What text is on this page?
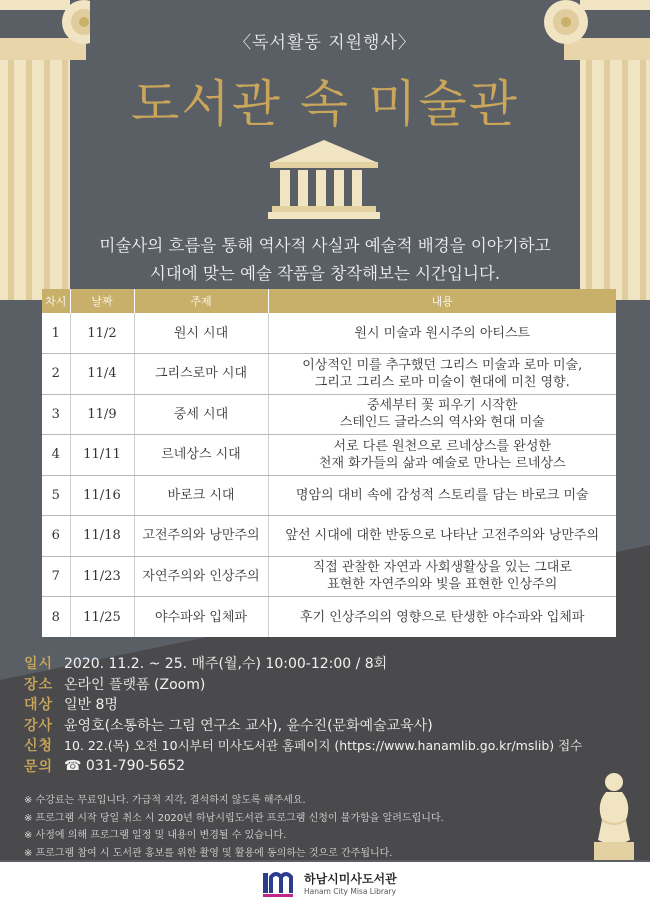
〈독서활동 지원행사〉
도서관 속 미술관
미술사의 흐름을 통해 역사적 사실과 예술적 배경을 이야기하고
시대에 맞는 예술 작품을 창작해보는 시간입니다.
차시	날짜	주제	내용
1	11/2	원시 시대	원시 미술과 원시주의 아티스트

2	11/4	그리스로마 시대	이상적인 미를 추구했던 그리스 미술과 로마 미술,
그리고 그리스 로마 미술이 현대에 미친 영향.

3	11/9	중세 시대	중세부터 꽃 피우기 시작한
스테인드 글라스의 역사와 현대 미술

4	11/11	르네상스 시대	서로 다른 원천으로 르네상스를 완성한
천재 화가들의 삶과 예술로 만나는 르네상스

5	11/16	바로크 시대	명암의 대비 속에 감성적 스토리를 담는 바로크 미술

6	11/18	고전주의와 낭만주의	앞선 시대에 대한 반동으로 나타난 고전주의와 낭만주의

7	11/23	자연주의와 인상주의	직접 관찰한 자연과 사회생활상을 있는 그대로
표현한 자연주의와 빛을 표현한 인상주의

8	11/25	야수파와 입체파	후기 인상주의의 영향으로 탄생한 야수파와 입체파
일시 2020. 11.2. ~ 25. 매주(월,수) 10:00-12:00 / 8회
장소 온라인 플랫폼 (Zoom)
대상 일반 8명
강사 윤영호(소통하는 그림 연구소 교사), 윤수진(문화예술교육사)
신청 10. 22.(목) 오전 10시부터 미사도서관 홈페이지 (https://www.hanamlib.go.kr/mslib) 접수
문의 ☎ 031-790-5652
※ 수강료는 무료입니다. 가급적 지각, 결석하지 않도록 해주세요.
※ 프로그램 시작 당일 취소 시 2020년 하남시립도서관 프로그램 신청이 불가함을 알려드립니다.
※ 사정에 의해 프로그램 일정 및 내용이 변경될 수 있습니다.
※ 프로그램 참여 시 도서관 홍보를 위한 촬영 및 활용에 동의하는 것으로 간주됩니다.
하남시미사도서관
Hanam City Misa Library
